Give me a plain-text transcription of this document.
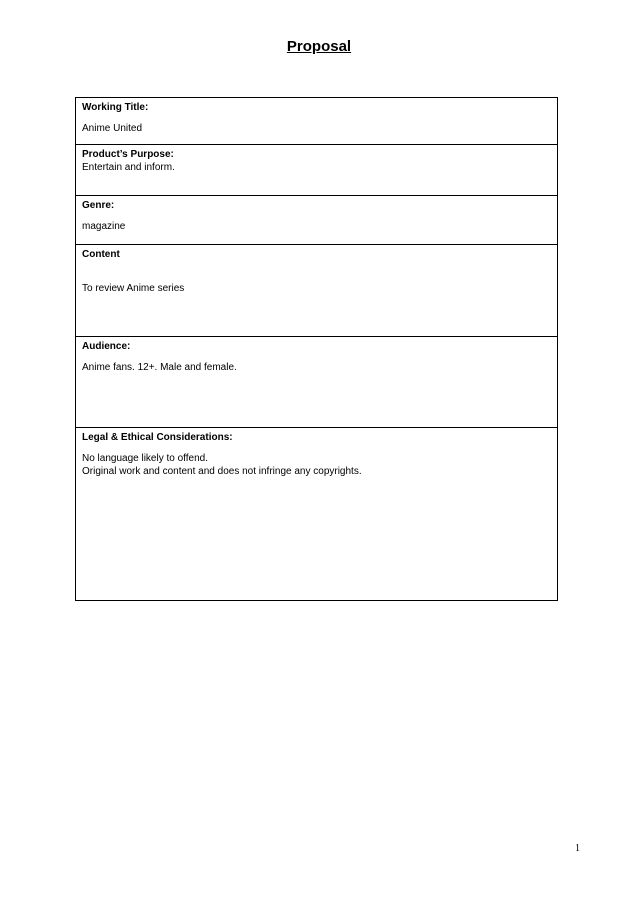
Proposal
Working Title:
Anime United

Product’s Purpose:
Entertain and inform.

Genre:
magazine

Content
To review Anime series

Audience:
Anime fans. 12+. Male and female.

Legal & Ethical Considerations:
No language likely to offend.
Original work and content and does not infringe any copyrights.
1
